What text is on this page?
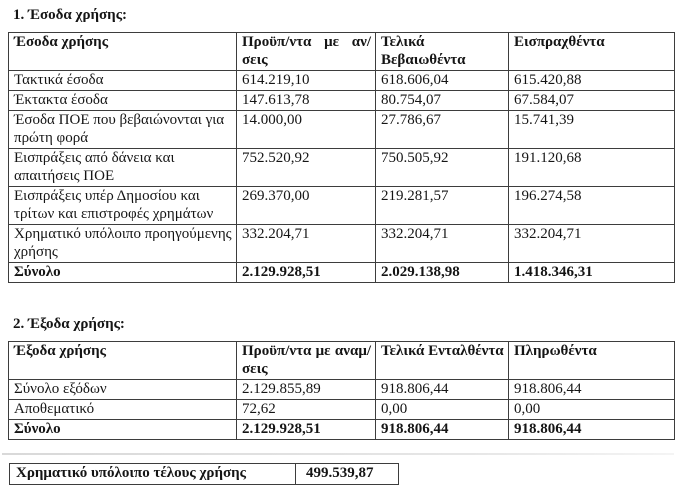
1. Έσοδα χρήσης:

Έσοδα χρήσης	Προϋπ/ντα με αν/σεις	Τελικά Βεβαιωθέντα	Εισπραχθέντα
Τακτικά έσοδα	614.219,10	618.606,04	615.420,88
Έκτακτα έσοδα	147.613,78	80.754,07	67.584,07
Έσοδα ΠΟΕ που βεβαιώνονται για πρώτη φορά	14.000,00	27.786,67	15.741,39
Εισπράξεις από δάνεια και απαιτήσεις ΠΟΕ	752.520,92	750.505,92	191.120,68
Εισπράξεις υπέρ Δημοσίου και τρίτων και επιστροφές χρημάτων	269.370,00	219.281,57	196.274,58
Χρηματικό υπόλοιπο προηγούμενης χρήσης	332.204,71	332.204,71	332.204,71
Σύνολο	2.129.928,51	2.029.138,98	1.418.346,31

2. Έξοδα χρήσης:

Έξοδα χρήσης	Προϋπ/ντα με αναμ/σεις	Τελικά Ενταλθέντα	Πληρωθέντα
Σύνολο εξόδων	2.129.855,89	918.806,44	918.806,44
Αποθεματικό	72,62	0,00	0,00
Σύνολο	2.129.928,51	918.806,44	918.806,44
Χρηματικό υπόλοιπο τέλους χρήσης	499.539,87
